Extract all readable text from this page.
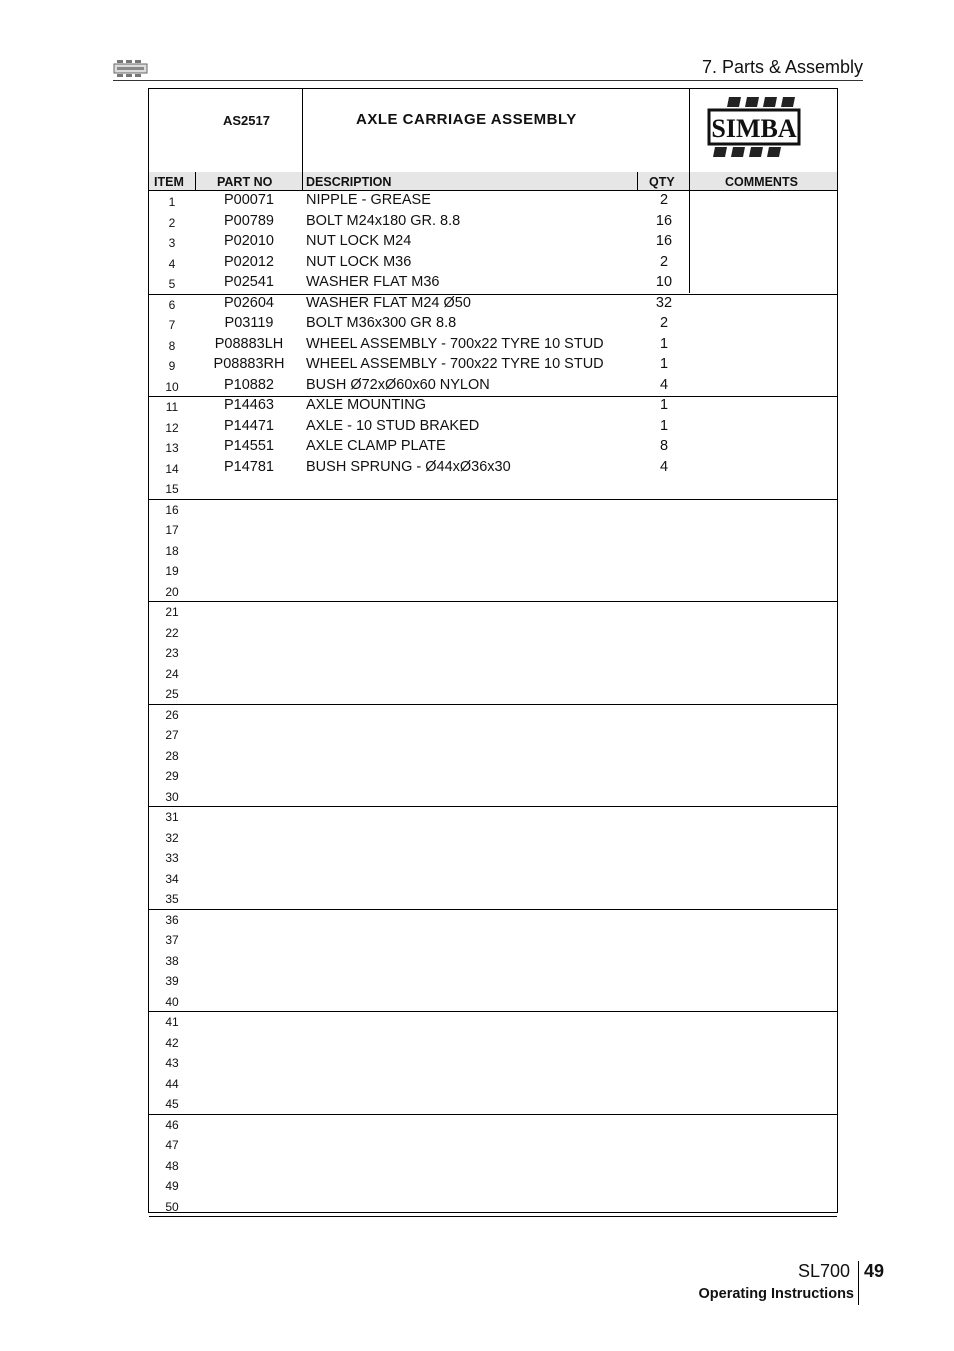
7. Parts & Assembly
AS2517	AXLE CARRIAGE ASSEMBLY	SIMBA
ITEM	PART NO	DESCRIPTION	QTY	COMMENTS
1	P00071	NIPPLE - GREASE	2
2	P00789	BOLT M24x180 GR. 8.8	16
3	P02010	NUT LOCK M24	16
4	P02012	NUT LOCK M36	2
5	P02541	WASHER FLAT M36	10
6	P02604	WASHER FLAT M24 Ø50	32
7	P03119	BOLT M36x300 GR 8.8	2
8	P08883LH	WHEEL ASSEMBLY - 700x22 TYRE 10 STUD	1
9	P08883RH	WHEEL ASSEMBLY - 700x22 TYRE 10 STUD	1
10	P10882	BUSH Ø72xØ60x60 NYLON	4
11	P14463	AXLE MOUNTING	1
12	P14471	AXLE - 10 STUD BRAKED	1
13	P14551	AXLE CLAMP PLATE	8
14	P14781	BUSH SPRUNG - Ø44xØ36x30	4
15
16
17
18
19
20
21
22
23
24
25
26
27
28
29
30
31
32
33
34
35
36
37
38
39
40
41
42
43
44
45
46
47
48
49
50
SL700 49
Operating Instructions
